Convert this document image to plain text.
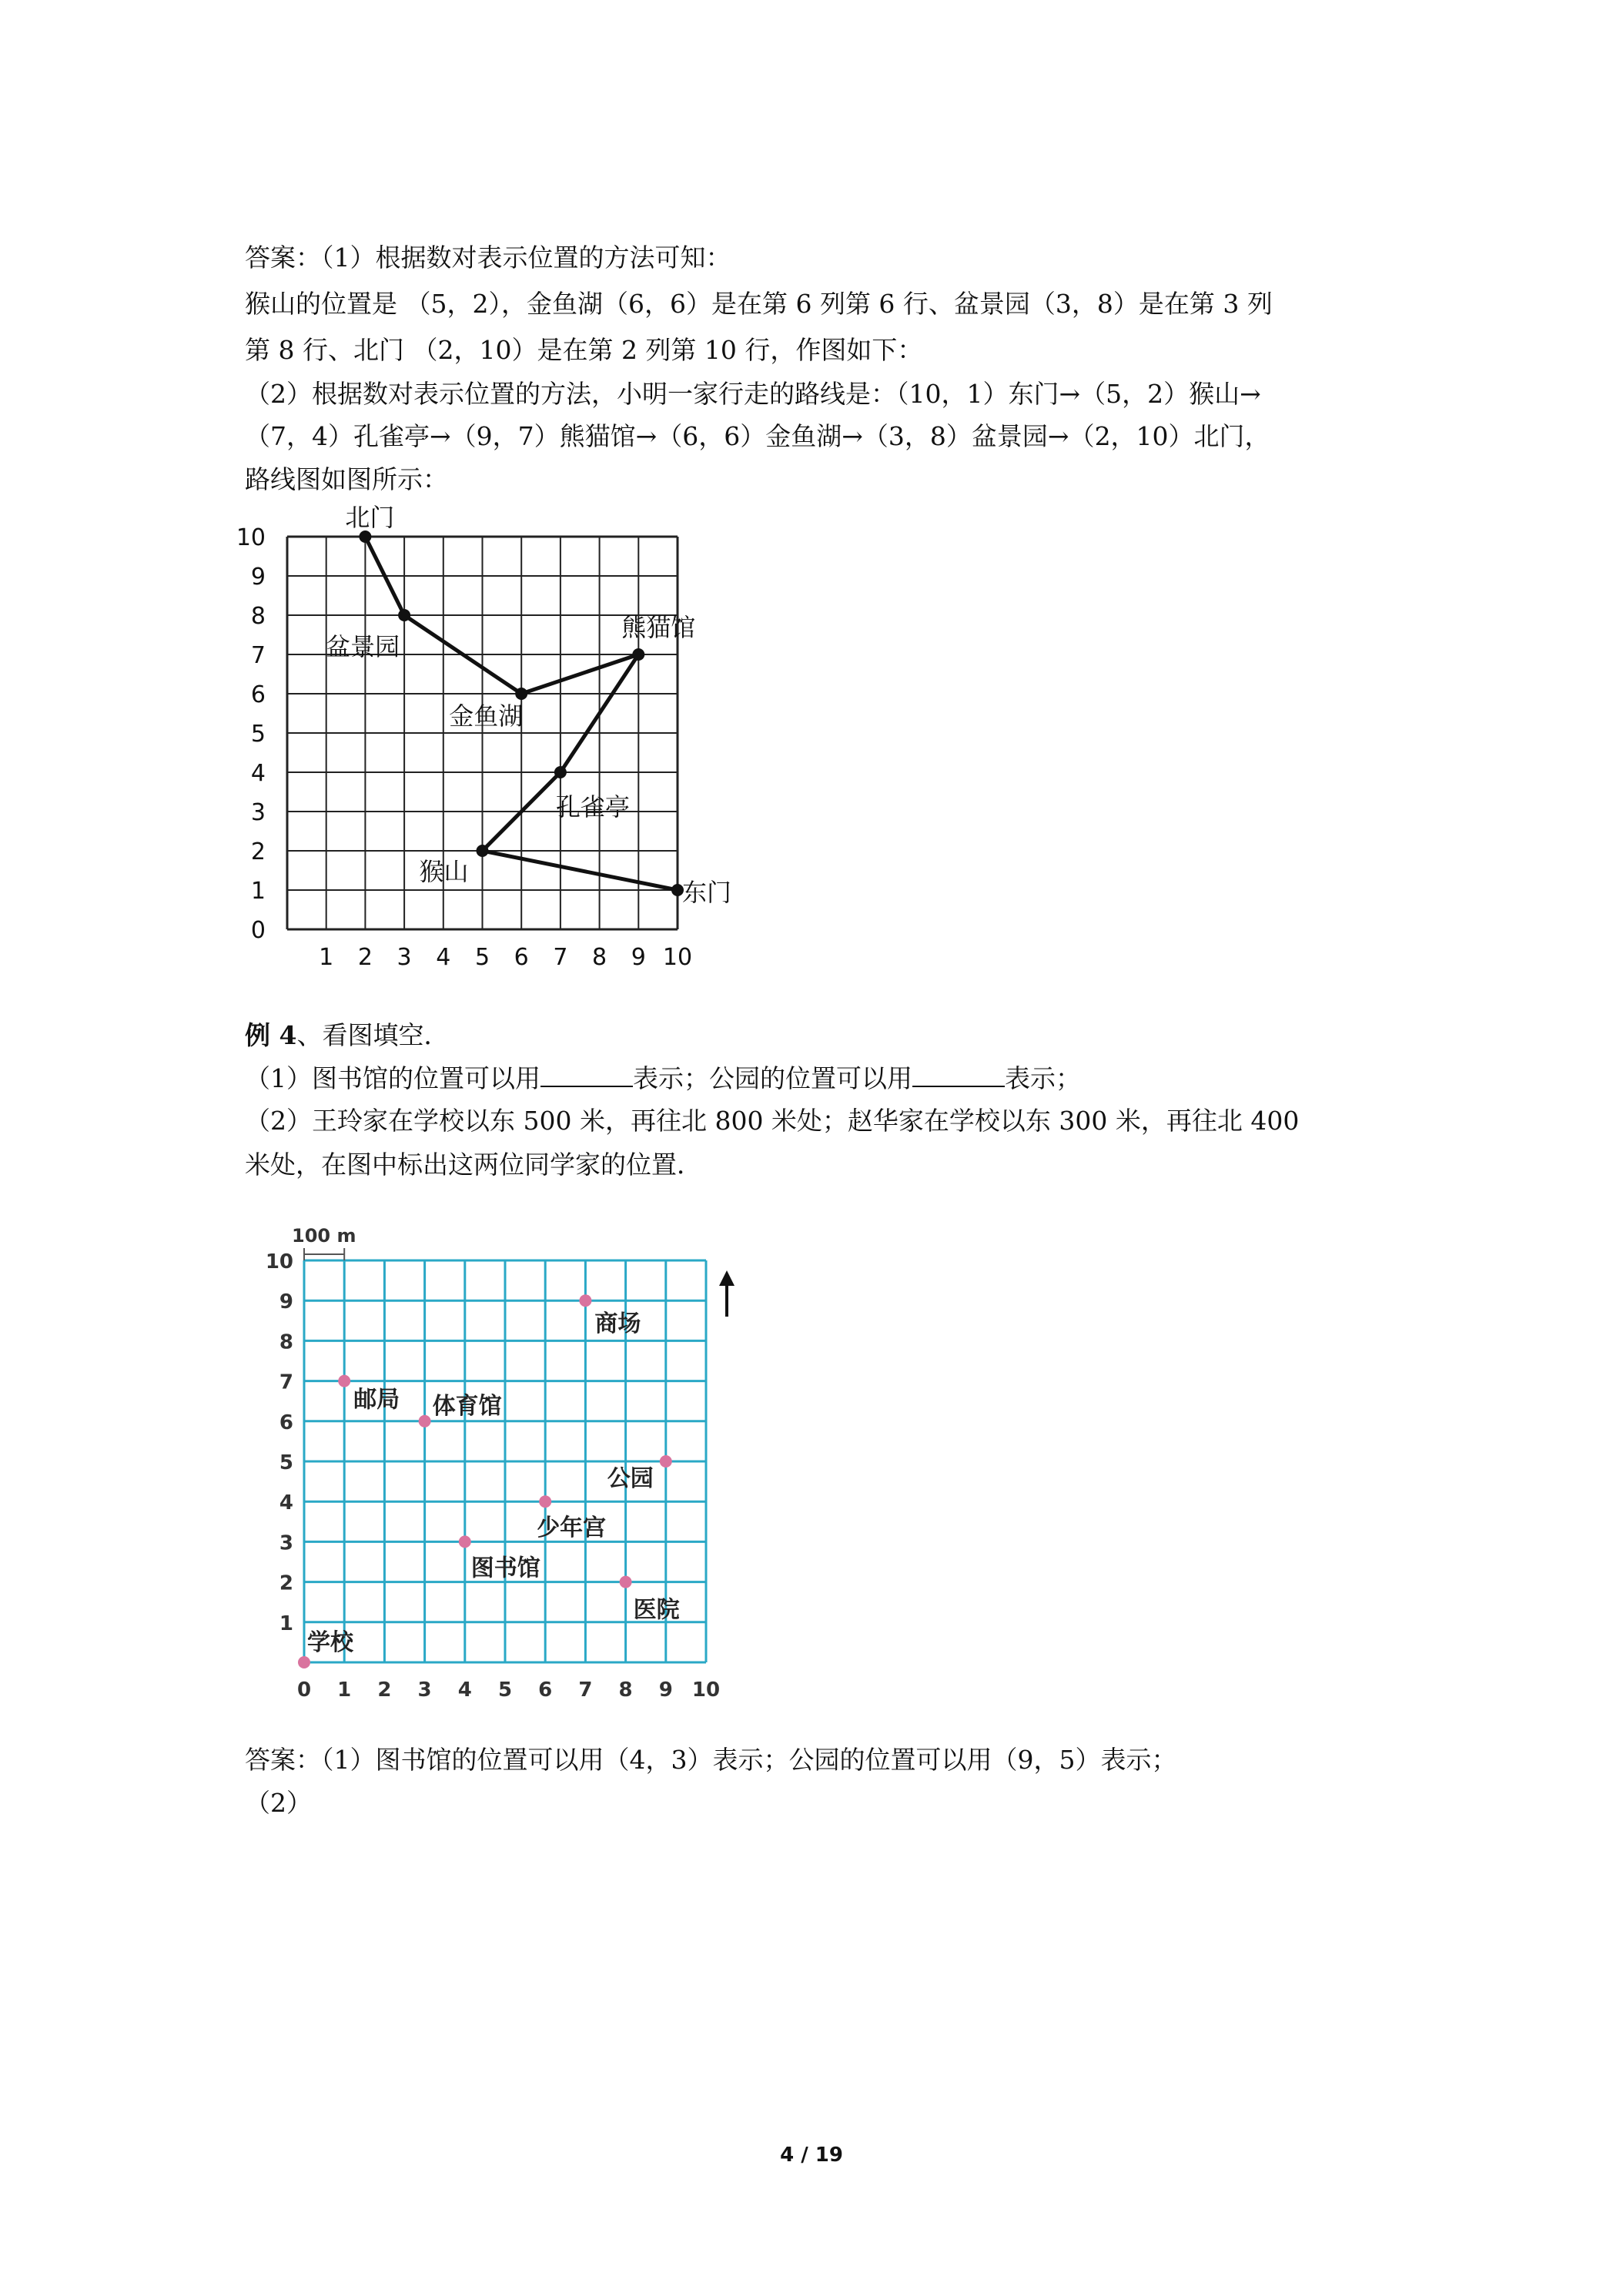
答案：（1）根据数对表示位置的方法可知：
猴山的位置是 （5，2），金鱼湖（6，6）是在第 6 列第 6 行、盆景园（3，8）是在第 3 列
第 8 行、北门 （2，10）是在第 2 列第 10 行，作图如下：
（2）根据数对表示位置的方法，小明一家行走的路线是：（10，1）东门→（5，2）猴山→
（7，4）孔雀亭→（9，7）熊猫馆→（6，6）金鱼湖→（3，8）盆景园→（2，10）北门，
路线图如图所示：
1 2 3 4 5 6 7 8 9 10
0
1
2
3
4
5
6
7
8
9
10
东门
猴山
孔雀亭
熊猫馆
金鱼湖
盆景园
北门
例 4、看图填空．
（1）图书馆的位置可以用	表示；公园的位置可以用	表示；
（2）王玲家在学校以东 500 米，再往北 800 米处；赵华家在学校以东 300 米，再往北 400
米处，在图中标出这两位同学家的位置．
100 m
0 1 2 3 4 5 6 7 8 9 10
1
2
3
4
5
6
7
8
9
10
学校
邮局 体育馆
图书馆
少年宫
商场
医院
公园
答案：（1）图书馆的位置可以用（4，3）表示；公园的位置可以用（9，5）表示；
（2）
4 / 19
